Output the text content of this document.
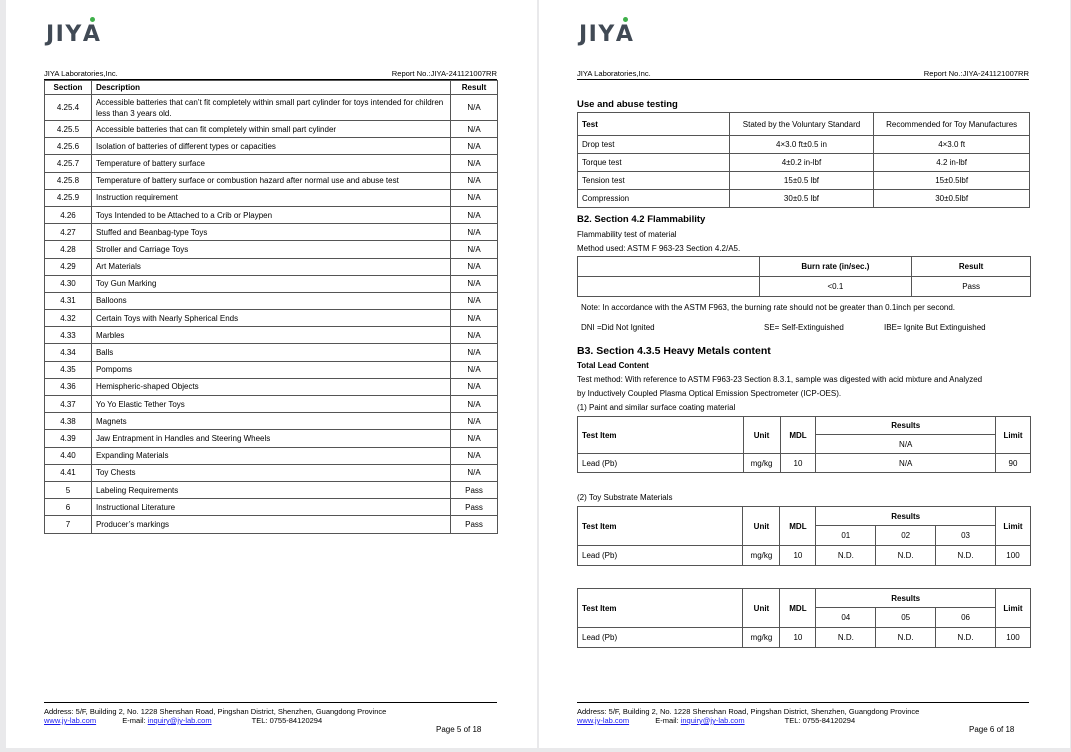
JIYA
JIYA Laboratories,Inc.	Report No.:JIYA-241121007RR
Section	Description	Result
4.25.4	Accessible batteries that can’t fit completely within small part cylinder for toys intended for children less than 3 years old.	N/A
4.25.5	Accessible batteries that can fit completely within small part cylinder	N/A
4.25.6	Isolation of batteries of different types or capacities	N/A
4.25.7	Temperature of battery surface	N/A
4.25.8	Temperature of battery surface or combustion hazard after normal use and abuse test	N/A
4.25.9	Instruction requirement	N/A
4.26	Toys Intended to be Attached to a Crib or Playpen	N/A
4.27	Stuffed and Beanbag-type Toys	N/A
4.28	Stroller and Carriage Toys	N/A
4.29	Art Materials	N/A
4.30	Toy Gun Marking	N/A
4.31	Balloons	N/A
4.32	Certain Toys with Nearly Spherical Ends	N/A
4.33	Marbles	N/A
4.34	Balls	N/A
4.35	Pompoms	N/A
4.36	Hemispheric-shaped Objects	N/A
4.37	Yo Yo Elastic Tether Toys	N/A
4.38	Magnets	N/A
4.39	Jaw Entrapment in Handles and Steering Wheels	N/A
4.40	Expanding Materials	N/A
4.41	Toy Chests	N/A
5	Labeling Requirements	Pass
6	Instructional Literature	Pass
7	Producer’s markings	Pass
Address: 5/F, Building 2, No. 1228 Shenshan Road, Pingshan District, Shenzhen, Guangdong Province
www.jy-lab.com	E-mail: inquiry@jy-lab.com	TEL: 0755-84120294
Page 5 of 18
JIYA
JIYA Laboratories,Inc.	Report No.:JIYA-241121007RR
Use and abuse testing
Test	Stated by the Voluntary Standard	Recommended for Toy Manufactures
Drop test	4×3.0 ft±0.5 in	4×3.0 ft
Torque test	4±0.2 in-lbf	4.2 in-lbf
Tension test	15±0.5 lbf	15±0.5lbf
Compression	30±0.5 lbf	30±0.5lbf
B2. Section 4.2 Flammability
Flammability test of material
Method used: ASTM F 963-23 Section 4.2/A5.
	Burn rate (in/sec.)	Result
	<0.1	Pass
Note: In accordance with the ASTM F963, the burning rate should not be greater than 0.1inch per second.
DNI =Did Not Ignited	SE= Self-Extinguished	IBE= Ignite But Extinguished
B3. Section 4.3.5 Heavy Metals content
Total Lead Content
Test method: With reference to ASTM F963-23 Section 8.3.1, sample was digested with acid mixture and Analyzed
by Inductively Coupled Plasma Optical Emission Spectrometer (ICP-OES).
(1) Paint and similar surface coating material
Test Item	Unit	MDL	Results	Limit
			N/A	
Lead (Pb)	mg/kg	10	N/A	90
(2) Toy Substrate Materials
Test Item	Unit	MDL	Results			Limit
			01	02	03	
Lead (Pb)	mg/kg	10	N.D.	N.D.	N.D.	100
Test Item	Unit	MDL	Results			Limit
			04	05	06	
Lead (Pb)	mg/kg	10	N.D.	N.D.	N.D.	100
Address: 5/F, Building 2, No. 1228 Shenshan Road, Pingshan District, Shenzhen, Guangdong Province
www.jy-lab.com	E-mail: inquiry@jy-lab.com	TEL: 0755-84120294
Page 6 of 18
